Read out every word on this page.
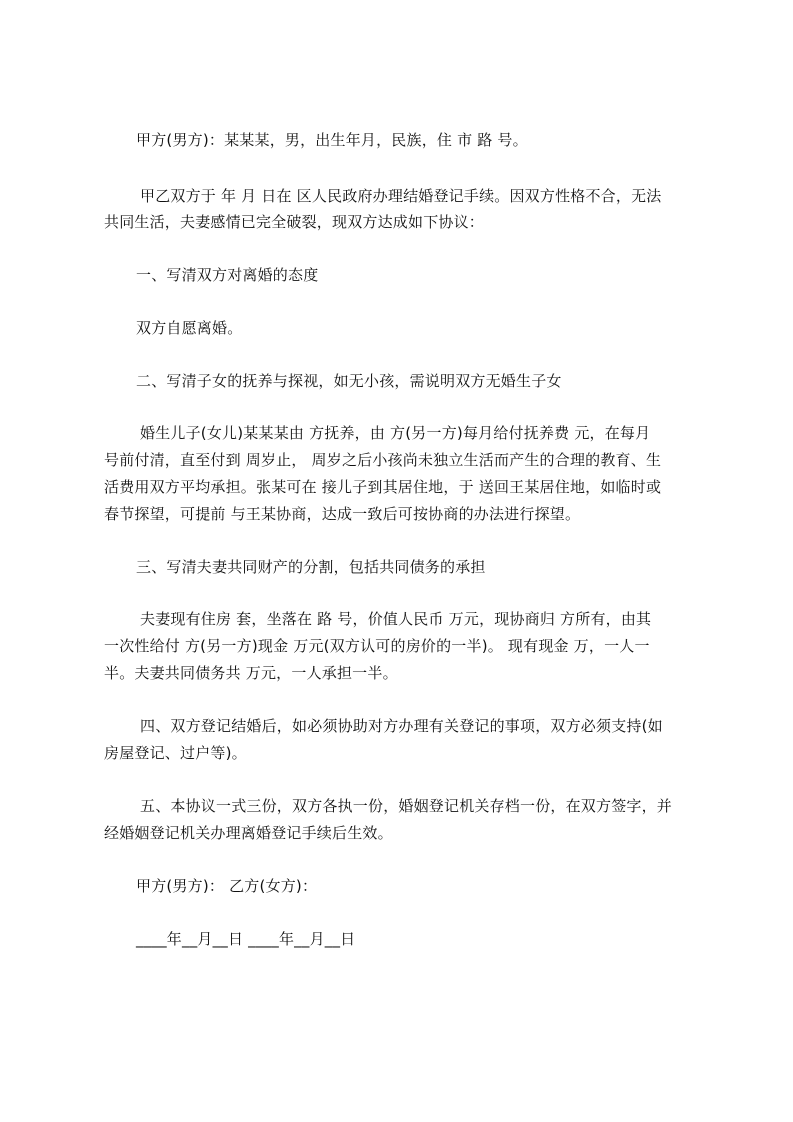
甲方(男方)：某某某，男，出生年月，民族，住 市 路 号。
甲乙双方于 年 月 日在 区人民政府办理结婚登记手续。因双方性格不合，无法
共同生活，夫妻感情已完全破裂，现双方达成如下协议：
一、写清双方对离婚的态度
双方自愿离婚。
二、写清子女的抚养与探视，如无小孩，需说明双方无婚生子女
婚生儿子(女儿)某某某由 方抚养，由 方(另一方)每月给付抚养费 元，在每月
号前付清，直至付到 周岁止， 周岁之后小孩尚未独立生活而产生的合理的教育、生
活费用双方平均承担。张某可在 接儿子到其居住地，于 送回王某居住地，如临时或
春节探望，可提前 与王某协商，达成一致后可按协商的办法进行探望。
三、写清夫妻共同财产的分割，包括共同债务的承担
夫妻现有住房 套，坐落在 路 号，价值人民币 万元，现协商归 方所有，由其
一次性给付 方(另一方)现金 万元(双方认可的房价的一半)。 现有现金 万，一人一
半。夫妻共同债务共 万元，一人承担一半。
四、双方登记结婚后，如必须协助对方办理有关登记的事项，双方必须支持(如
房屋登记、过户等)。
五、本协议一式三份，双方各执一份，婚姻登记机关存档一份，在双方签字，并
经婚姻登记机关办理离婚登记手续后生效。
甲方(男方)： 乙方(女方)：
____年__月__日 ____年__月__日
